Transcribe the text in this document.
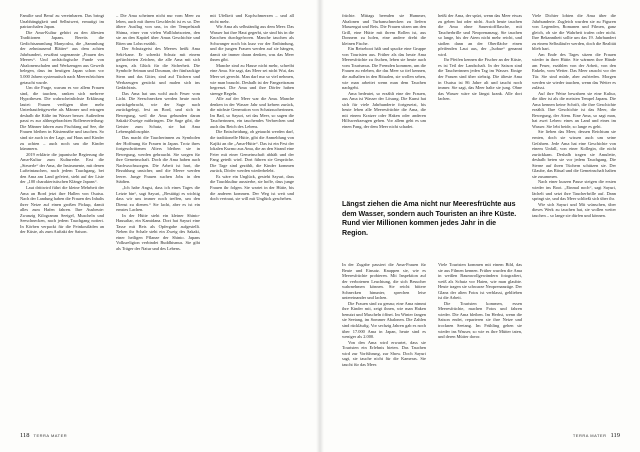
Familie und Beruf zu vereinbaren. Das bringt Unabhängigkeit und Selbstwert, ermutigt im patriarchalen Japan.

Die Ama-Kultur gehört zu den ältesten Traditionen Japans. Bereits die Gedichtsammlung Manyoshu, die „Sammlung der zehntausend Blätter“ aus dem achten Jahrhundert, erwähnt sogenannte „Frauen des Meeres“. Und archäologische Funde von Abalonenschalen und Werkzeugen aus Geweih belegen, dass im heutigen Japan schon vor 5.000 Jahren systematisch nach Meeresfrüchten getaucht wurde.

Um die Frage, warum es vor allem Frauen sind, die tauchen, ranken sich mehrere Hypothesen. Die wahrscheinlichste Erklärung lautet: Frauen verfügen über mehr Unterhautfettgewebe als Männer und ertragen deshalb die Kälte im Wasser besser. Außerdem passt es zur althergebrachten Rollenverteilung: Die Männer fahren zum Fischfang auf See, die Frauen bleiben in Küstennähe und tauchen. So sind sie auch in der Lage, auf Haus und Kinder zu achten – auch noch um die Kinder kümmern.

2019 erklärte die japanische Regierung die Ama-Kultur zum Kulturerbe. Erst die „Steuerle“ der Ama, die Instrumente, mit denen Lufteintauchen, nach jedem Tauchgang, bei den Ama am Land gefeiert, steht auf der Liste der „100 charakteristischen Klänge Japans“.

Laut drittwird führt die kleine Mehrheit der Ama an Bord jetzt ihre Hallen von Osatsu. Nach der Landung haben die Frauen des Inhalts ihrer Netze auf einen großen Pickup, damit alles zum Hafen fahren. Ihre Ausbeute: Zwanzig Kilogramm Seeigel, Muscheln und Seeschnecken, nach jedem Tauchgang notiert. In Körben verpackt für die Feinkostläden an der Küste, als zum Auftakt der Saison.

– Die Ama scheinen nicht nur vom Meer zu leben, auch mit ihrem Geschlecht ist es so. Der ältere Ausflug von uns, in der Tempelstadt Shima, einer von vielen Wallfahrtsorten, den sie an den Kapitel über Amas Geschichte und Riten um Lohn erzählt.

Der Schutzgeist des Meeres heißt Ama Seki-kane. Er schenkt Schutz mit einem gefürchteten Zeichen, die alle Ama mit sich tragen, als Glück für die Sicherheit. Die Symbole Seiman und Douman, der fünfzackige Stern und das Gitter, sind auf Tüchern und Werkzeugen gestickt und malen sich ins Gedächtnis.

Das Ama hat uns wohl auch Feuer vom Licht. Die Seeschnecken werden heute noch zurückgebracht, wie der Sage nach zurückgelegt, fest an Bord, und sich in Bewegung, weil die Ama gebunden daran Sakaki-Zweige mitbringen. Die Sage gibt, die Geister zum Schutz, sie hat Ama Lebensphilosophie.

Das macht die Taucherinnen zu Symbolen der Hoffnung für Frauen in Japan. Trotz ihres fortgeschrittenen Alters bleiben sie in Bewegung, werden gebraucht. Sie sorgen für ihre Gemeinschaft. Doch die Ama haben auch Nachwuchssorgen. Die Arbeit ist hart, die Bezahlung unsicher, und die Meere werden leerer. Junge Frauen suchen Jobs in den Städten.

„Ich habe Angst, dass ich eines Tages die Letzte bin“, sagt Sayuri, „Bestätigt es wichtig dass wir uns immer noch treffen, um den Dienst zu dienen.“ Sie lacht, aber es ist ein ernstes Lachen.

In der Hütte steht ein kleiner Shinto-Hausaltar, ein Kamidana. Dort hat Sayuri eine Tasse mit Reis als Opfergabe aufgestellt. Neben ihr Schale steht ein Zweig des Sakaki, einer heiligen Pflanze der Shinto. Japans Volksreligion verbindet Buddhismus. Sie gibt als Träger der Natur und des Lebens.

mit Ufelkeit und Kopfschmerzen – und all nicht mehr.

Wir Ama als selbständig aus dem Meer. Das Wasser hat ihre Haut gegerbt, sie sind bis in die Knochen durchgefroren. Manche tauchen als Schwanger noch bis kurz vor der Entbindung, und die jungen Frauen werden auf sie hängen, damit sie immer daran denken, was das Meer ihnen gibt.

Manche sind zu Hause nicht mehr, schreibt eine Ama. Sie sagt, das Meer sei nicht Wut, das Meer sei gerecht. Man darf nur so viel nehmen, wie man braucht. Deshalb ist der Fangzeitraum begrenzt. Die Ama und ihre Dörfer haben strenge Regeln.

Alle auf der Meer war die Ama. Manche denken in der Wasser Jahr und kehren zurück, die nächste Generation von Schatzsucherinnen. Im Bad, so Sayuri, sei das Meer, so sagen die Taucherinnen, ein tauchendes Verbrechen und auch das Reich des Lebens.

Die Entscheidung, ob getaucht werden darf, die traditionelle Hütte, gibt die Anmeldung von Kajiki an die „Ama-Hütte“. Das ist ein Fest der lokalen Kurmo aus Ama, die an den Strand eine Feier mit einer Gemeinschaft abhält und der Fang geteilt wird. Dort führen sie Gespräche. Die Tage sind gezählt, die Kinder kommen zurück, Dörfer werden wiederbelebt.

Es wäre ein Unglück, gesteht Sayuri, dass die Tauchkultur aussterbe, sie hoffe, dass junge Frauen ihr folgen. Sie wartet in der Hütte, bis die anderen kommen. Der Weg ist weit und doch vertraut, sie will mit Unglück geschehen.

118 TERRA MATER

früchte. Mittags beenden sie Hummer, Abalonen und Turbanschnecken zu liefern Massengut und Reis. Die Frauen sitzen um den Grill, eine Hütte mit ihrem Rollen ist, aus Donnern zu holen, eine andere dreht die kleinen Fische.

Ein Reiseboot hält und spucke eine Gruppe von Touristen aus. Früher als das heute Ama Meeresfrüchte zu fischen, leben sie heute auch vom Tourismus. Die Fremden kommen, um die Frauen zu erleben, die das Meer so tief kennen, die aufhalten in den Ritualen, sie wollen sehen, wie man arbeitet wenn man dem Tauchen nachgeht.

Ama bedeutet, so erzählt eine der Frauen, aus Ama ist Wasser der Lösung. Die Kunst hat sich für viele Jahrhunderte fortgesetzt, bis heute leben alle Meeresfrüchte die Ama, die mit einem Kratzer oder Haken oder anderen Hilfswerkzeugen gehen. Vor allem geht es um einen Fang, der dem Meer nicht schadet.

heißt der Ama, der spürt, wenn das Meer etwas zu geben hat oder nicht. Auch heute tauchen die Ama ohne Sauerstoffflasche, mit Taucherbrille und Neoprenanzug. Sie tauchen so lange, bis der Atem nicht mehr reicht, und stoßen dann an der Oberfläche einen pfeifenden Laut aus, der „Isobue“ genannt wird.

Ihr Pfeifen kennen die Fischer an der Küste, es ist Teil der Landschaft. In der Saison sind die Taucherinnen jeden Tag im Wasser. Einige der Frauen sind über siebzig. Die älteste Ama in Osatsu ist 86 Jahre alt und taucht noch immer. Sie sagt, das Meer halte sie jung. Ohne das Wasser wäre sie längst krank. Alle dort lachen.

Längst ziehen die Ama nicht nur Meeresfrüchte aus dem Wasser, sondern auch Touristen an ihre Küste. Rund vier Millionen kommen jedes Jahr in die Region.

In der Zugabe passiert die Ama-Frauen für Beute und Einsatz. Knappen sie, wie es Meeresfrüchte probieren. Mit Inspektion auf der verbotenen Leuchtung, die sich Besucher wahrnehmen können. Sie reicht bittere Schnecken hinunter, sprechen leise untereinander und lachen.

Die Frauen sind zu genau; eine Ama nimmt ihre Kinder mit, zeigt ihnen, wie man Haken benutzt und Muscheln öffnet. Im Winter fangen sie Seetang, im Sommer Abalonen. Die Zahlen sind rückläufig. Vor sechzig Jahren gab es noch über 17.000 Ama in Japan, heute sind es weniger als 2.000.

Von den Ama wird erwartet, dass sie Touristen ein Erlebnis bieten. Das Tauchen wird zur Vorführung, zur Show. Doch Sayuri sagt, sie tauche nicht für die Kameras. Sie taucht für das Meer.

Viele Touristen kommen mit einem Bild, das sie aus Filmen kennen. Früher wurden die Ama in weißen Baumwollgewändern fotografiert, weiß als Schutz vor Haien, wie man glaubte. Heute tragen sie schwarze Neoprenanzüge. Der Glanz der alten Fotos ist verblasst, geblieben ist die Arbeit.

Die Touristen kommen, essen Meeresfrüchte, machen Fotos und fahren wieder. Die Ama bleiben. Im Herbst, wenn die Saison endet, reparieren sie ihre Netze und trocknen Seetang. Im Frühling gehen sie wieder ins Wasser, so wie es ihre Mütter taten, und deren Mütter davor.

Viele Dichter lobten die Ama über die Jahrhunderte. Zugleich wurden sie zu Figuren von Legenden, Romanen und Filmen, ganz gleich, ob sie die Wahrheit trafen oder nicht. Ihre Bekanntheit sollte um das 19. Jahrhundert zu einem Selbstläufer werden, doch die Realität blieb hart.

Am Ende des Tages sitzen die Frauen wieder in ihrer Hütte. Sie wärmen ihre Hände am Feuer, erzählen von der Arbeit, von den Enkeln, vom Wetter. Das Meer rauscht vor der Tür. Sie sind müde, aber zufrieden. Morgen werden sie wieder tauchen, wenn das Wetter es zulässt.

Auf ihre Weise bewahren sie eine Kultur, die älter ist als die meisten Tempel Japans. Die Ama kennen keine Schrift, die ihre Geschichte erzählt. Ihre Geschichte ist das Meer, die Bewegung, der Atem. Eine Ama, so sagt man, hat zwei Leben: eines an Land und eines im Wasser. Sie lebt beide, so lange es geht.

Sie lieben das Meer, dessen Reichtum sie ernten, doch sie wissen auch um seine Gefahren. Jede Ama hat eine Geschichte von einem Unfall, von einer Kollegin, die nicht zurückkam. Deshalb tragen sie Amulette, deshalb beten sie vor jedem Tauchgang. Die Sterne auf ihren Tüchern schützen sie. Der Glaube, das Ritual und die Gemeinschaft halten sie zusammen.

Nach einer kurzen Pause steigen die ersten wieder ins Boot. „Einmal noch“, sagt Sayuri, lächelt und setzt ihre Taucherbrille auf. Dann springt sie, und das Meer schließt sich über ihr.

Wie sich Sayuri und Mit wünschen, über dieses Werk zu tauchen hat, sie wollen weiter tauchen – so lange sie dürfen und können.

TERRA MATER 119
